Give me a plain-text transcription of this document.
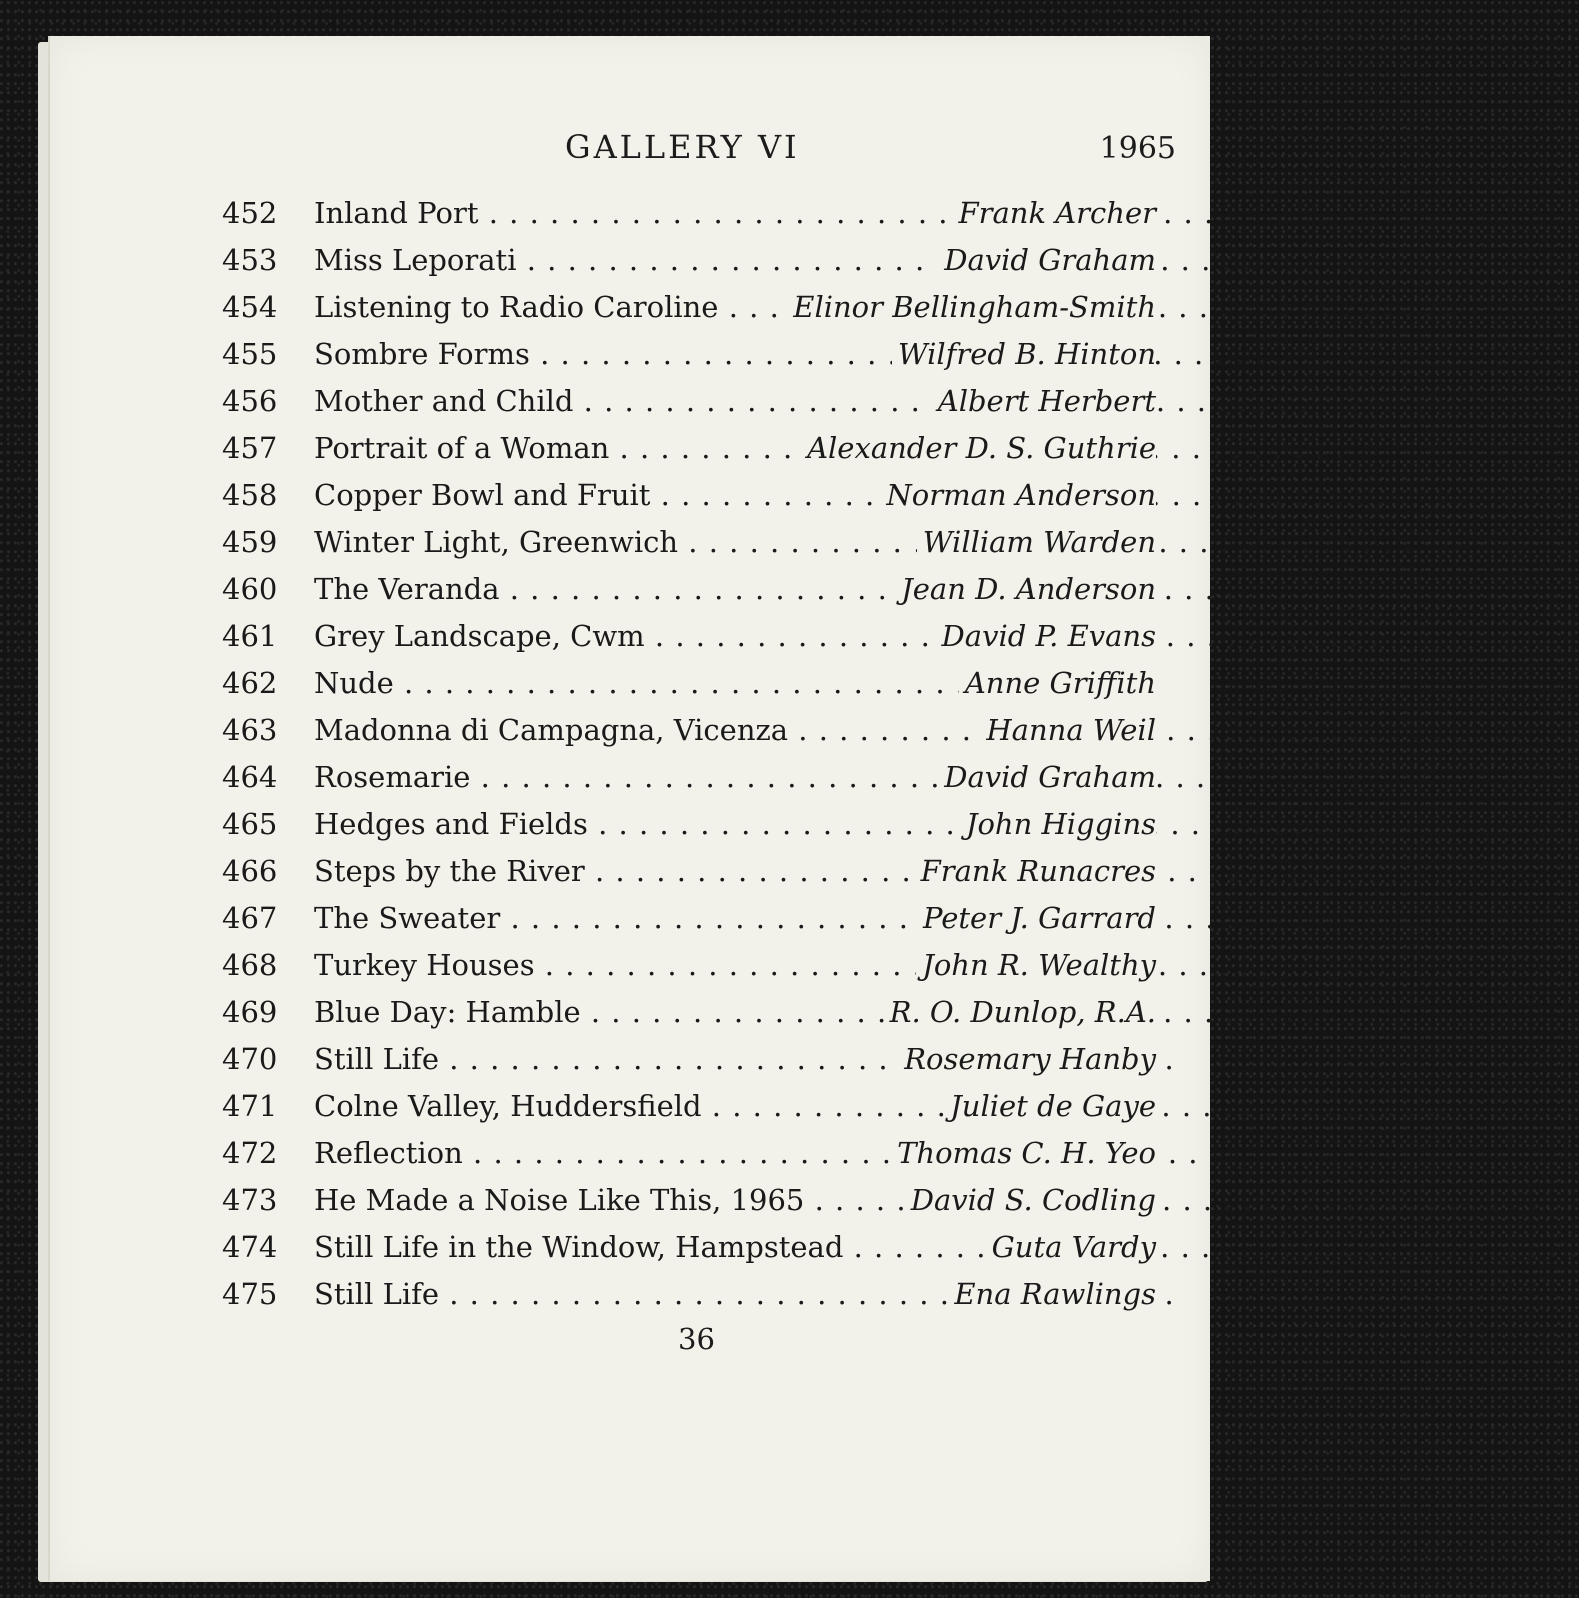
GALLERY VI	1965
452 Inland Port . .	Frank Archer
453 Miss Leporati . .	David Graham
454 Listening to Radio Caroline . .	Elinor Bellingham-Smith
455 Sombre Forms . .	Wilfred B. Hinton
456 Mother and Child . .	Albert Herbert
457 Portrait of a Woman . .	Alexander D. S. Guthrie
458 Copper Bowl and Fruit . .	Norman Anderson
459 Winter Light, Greenwich . .	William Warden
460 The Veranda . .	Jean D. Anderson
461 Grey Landscape, Cwm . .	David P. Evans
462 Nude . .	Anne Griffith
463 Madonna di Campagna, Vicenza . .	Hanna Weil
464 Rosemarie . .	David Graham
465 Hedges and Fields . .	John Higgins
466 Steps by the River . .	Frank Runacres
467 The Sweater . .	Peter J. Garrard
468 Turkey Houses . .	John R. Wealthy
469 Blue Day: Hamble . .	R. O. Dunlop, R.A.
470 Still Life . .	Rosemary Hanby
471 Colne Valley, Huddersfield . .	Juliet de Gaye
472 Reflection . .	Thomas C. H. Yeo
473 He Made a Noise Like This, 1965 . .	David S. Codling
474 Still Life in the Window, Hampstead . .	Guta Vardy
475 Still Life . .	Ena Rawlings
36
